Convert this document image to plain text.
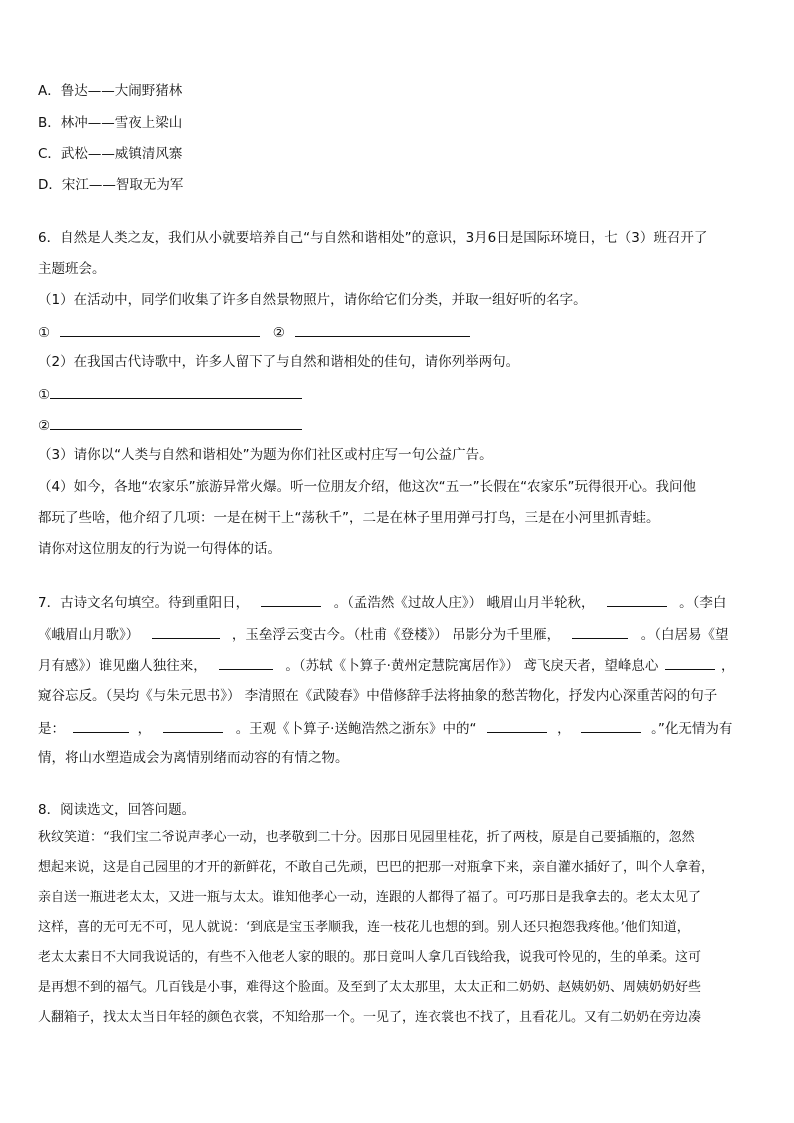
A．鲁达——大闹野猪林
B．林冲——雪夜上梁山
C．武松——威镇清风寨
D．宋江——智取无为军
6．自然是人类之友，我们从小就要培养自己“与自然和谐相处”的意识，3月6日是国际环境日，七（3）班召开了
主题班会。
（1）在活动中，同学们收集了许多自然景物照片，请你给它们分类，并取一组好听的名字。
①	②
（2）在我国古代诗歌中，许多人留下了与自然和谐相处的佳句，请你列举两句。
①
②
（3）请你以“人类与自然和谐相处”为题为你们社区或村庄写一句公益广告。
（4）如今，各地“农家乐”旅游异常火爆。听一位朋友介绍，他这次“五一”长假在“农家乐”玩得很开心。我问他
都玩了些啥，他介绍了几项：一是在树干上“荡秋千”，二是在林子里用弹弓打鸟，三是在小河里抓青蛙。
请你对这位朋友的行为说一句得体的话。
7．古诗文名句填空。待到重阳日，	。（孟浩然《过故人庄》） 峨眉山月半轮秋，	。（李白
《峨眉山月歌》）	，玉垒浮云变古今。（杜甫《登楼》） 吊影分为千里雁，	。（白居易《望
月有感》）谁见幽人独往来，	。（苏轼《卜算子·黄州定慧院寓居作》） 鸢飞戾天者，望峰息心	，
窥谷忘反。（吴均《与朱元思书》） 李清照在《武陵春》中借修辞手法将抽象的愁苦物化，抒发内心深重苦闷的句子
是：	，	。王观《卜算子·送鲍浩然之浙东》中的“	，	。”化无情为有
情，将山水塑造成会为离情别绪而动容的有情之物。
8．阅读选文，回答问题。
秋纹笑道：“我们宝二爷说声孝心一动，也孝敬到二十分。因那日见园里桂花，折了两枝，原是自己要插瓶的，忽然
想起来说，这是自己园里的才开的新鲜花，不敢自己先顽，巴巴的把那一对瓶拿下来，亲自灌水插好了，叫个人拿着，
亲自送一瓶进老太太，又进一瓶与太太。谁知他孝心一动，连跟的人都得了福了。可巧那日是我拿去的。老太太见了
这样，喜的无可无不可，见人就说：‘到底是宝玉孝顺我，连一枝花儿也想的到。别人还只抱怨我疼他。’他们知道，
老太太素日不大同我说话的，有些不入他老人家的眼的。那日竟叫人拿几百钱给我，说我可怜见的，生的单柔。这可
是再想不到的福气。几百钱是小事，难得这个脸面。及至到了太太那里，太太正和二奶奶、赵姨奶奶、周姨奶奶好些
人翻箱子，找太太当日年轻的颜色衣裳，不知给那一个。一见了，连衣裳也不找了，且看花儿。又有二奶奶在旁边凑
